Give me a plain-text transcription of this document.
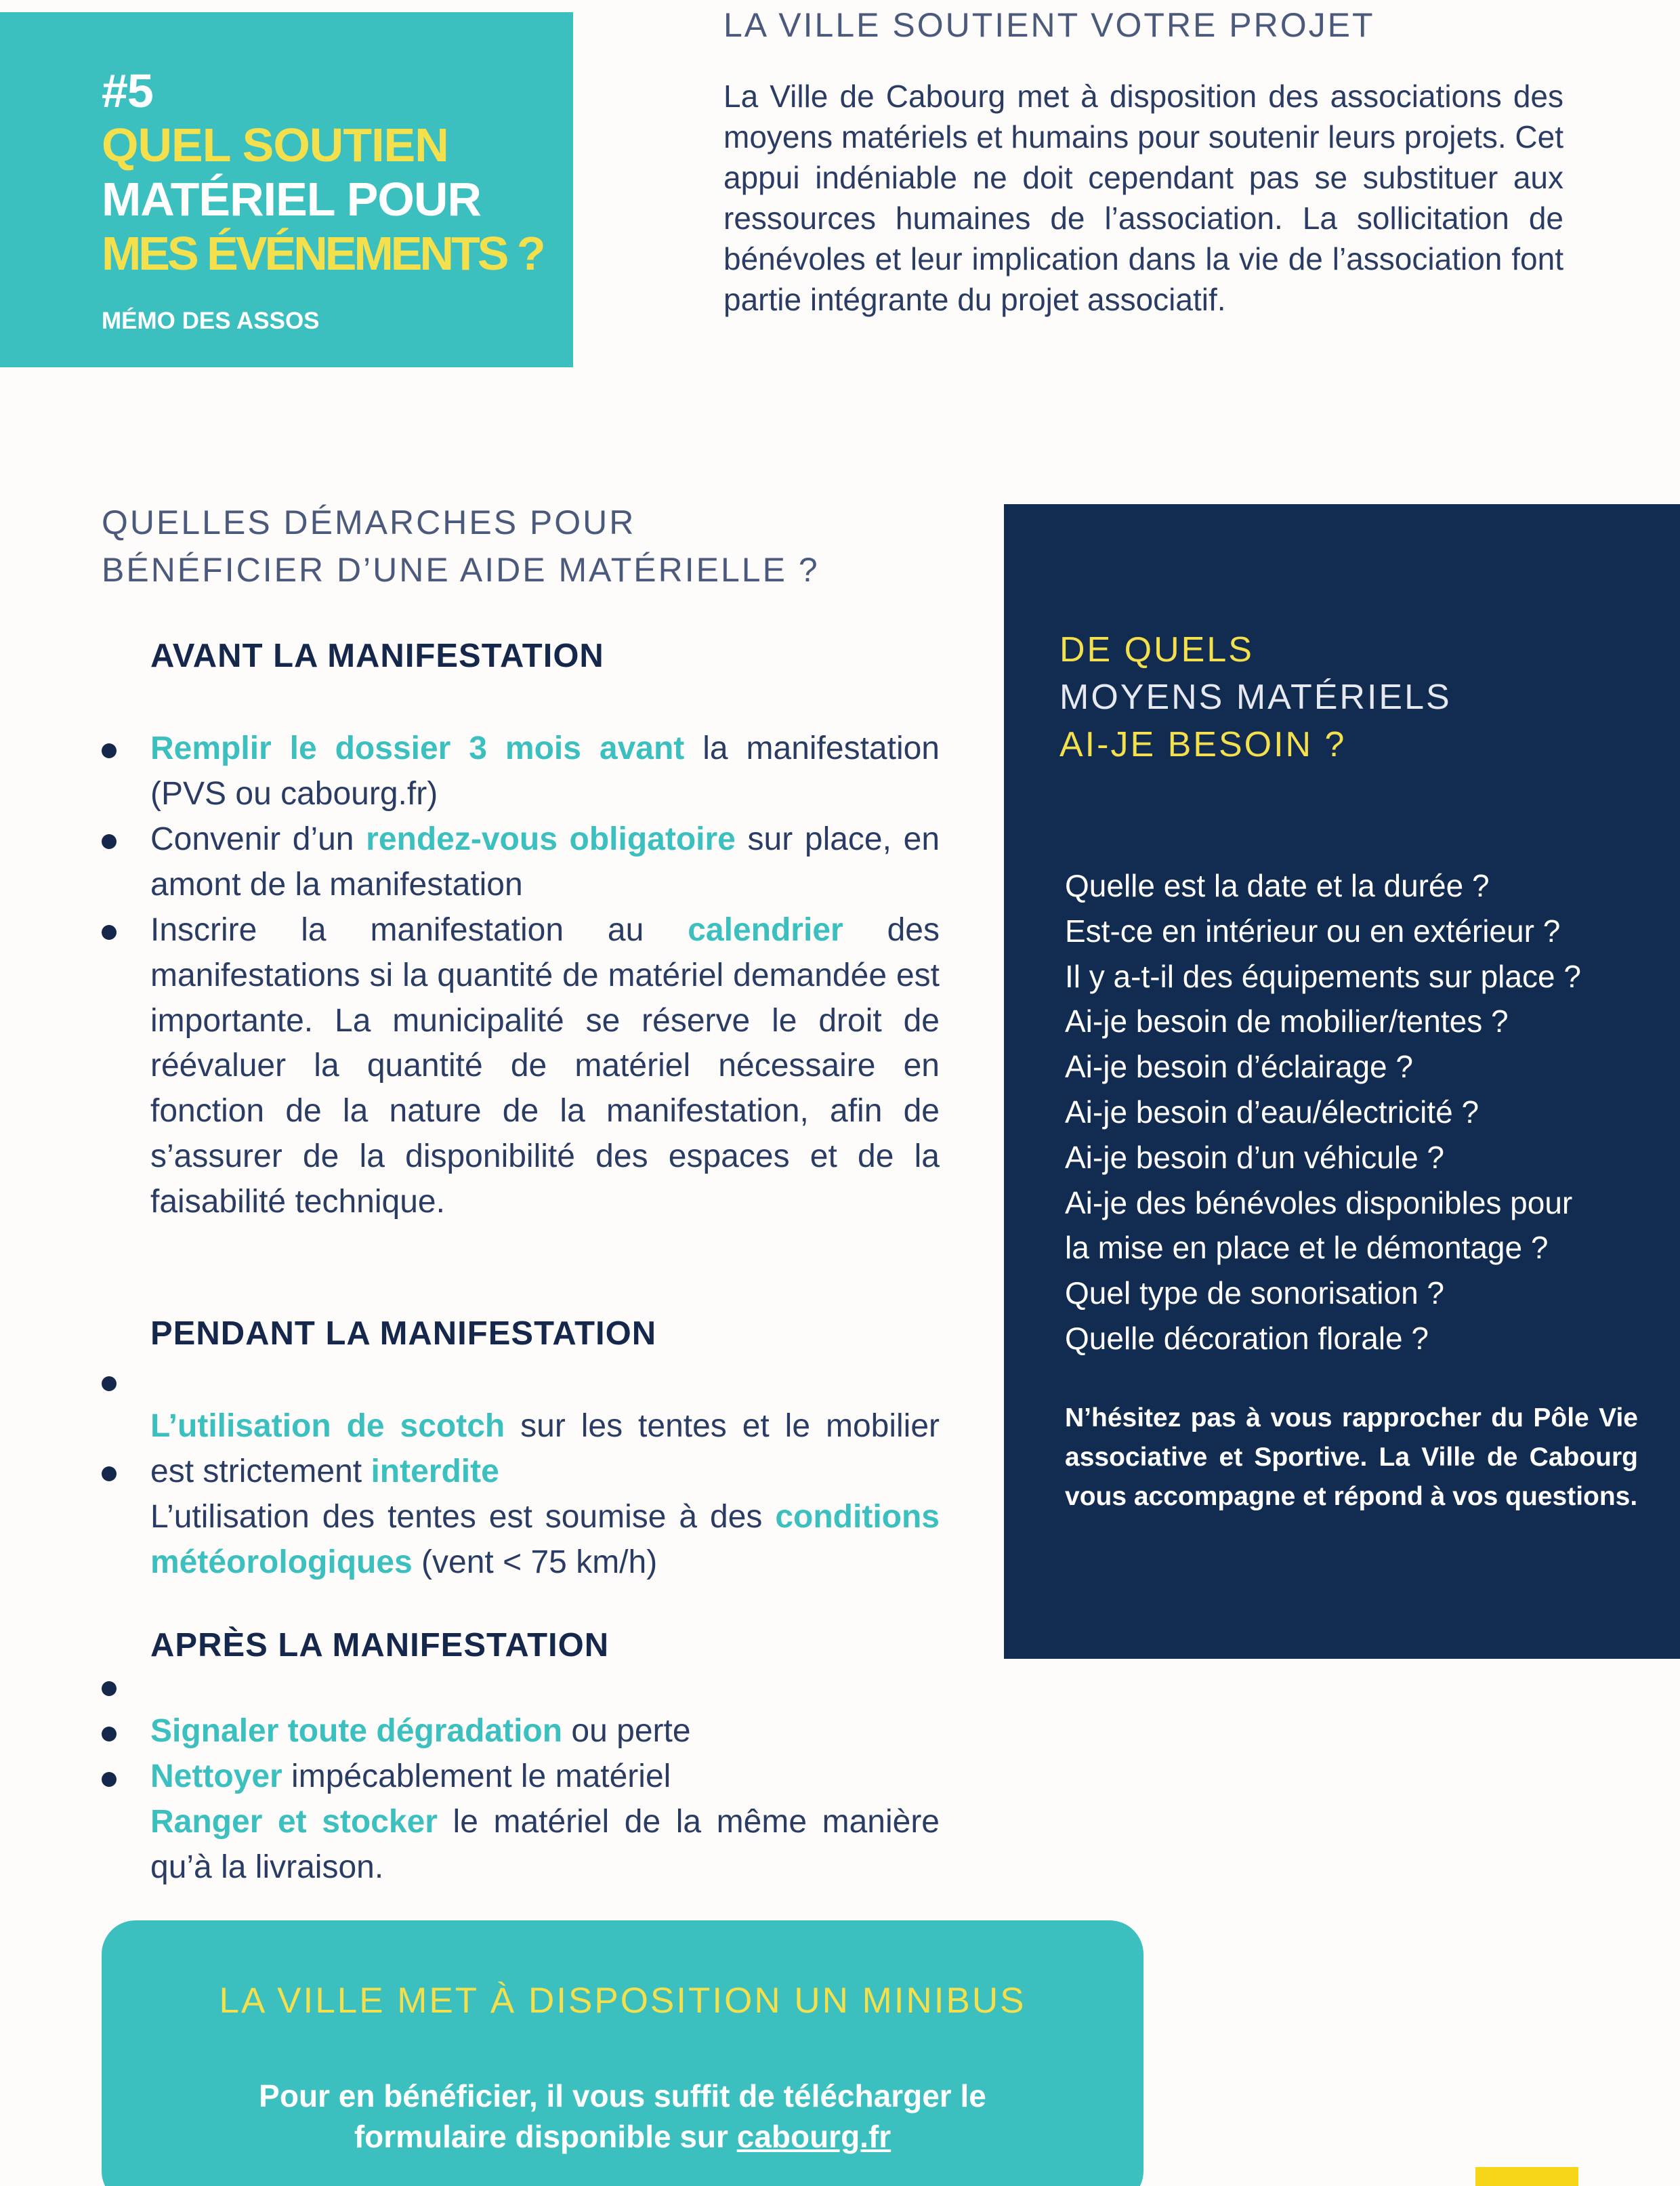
#5
QUEL SOUTIEN
MATÉRIEL POUR
MES ÉVÉNEMENTS ?
MÉMO DES ASSOS
LA VILLE SOUTIENT VOTRE PROJET
La Ville de Cabourg met à disposition des associations des moyens matériels et humains pour soutenir leurs projets. Cet appui indéniable ne doit cependant pas se substituer aux ressources humaines de l’association. La sollicitation de bénévoles et leur implication dans la vie de l’association font partie intégrante du projet associatif.
QUELLES DÉMARCHES POUR
BÉNÉFICIER D’UNE AIDE MATÉRIELLE ?
AVANT LA MANIFESTATION
Remplir le dossier 3 mois avant la manifestation (PVS ou cabourg.fr)
Convenir d’un rendez-vous obligatoire sur place, en amont de la manifestation
Inscrire la manifestation au calendrier des manifestations si la quantité de matériel demandée est importante. La municipalité se réserve le droit de réévaluer la quantité de matériel nécessaire en fonction de la nature de la manifestation, afin de s’assurer de la disponibilité des espaces et de la faisabilité technique.
PENDANT LA MANIFESTATION
L’utilisation de scotch sur les tentes et le mobilier est strictement interdite
L’utilisation des tentes est soumise à des conditions météorologiques (vent < 75 km/h)
APRÈS LA MANIFESTATION
Signaler toute dégradation ou perte
Nettoyer impécablement le matériel
Ranger et stocker le matériel de la même manière qu’à la livraison.
DE QUELS
MOYENS MATÉRIELS
AI-JE BESOIN ?
Quelle est la date et la durée ?
Est-ce en intérieur ou en extérieur ?
Il y a-t-il des équipements sur place ?
Ai-je besoin de mobilier/tentes ?
Ai-je besoin d’éclairage ?
Ai-je besoin d’eau/électricité ?
Ai-je besoin d’un véhicule ?
Ai-je des bénévoles disponibles pour
la mise en place et le démontage ?
Quel type de sonorisation ?
Quelle décoration florale ?
N’hésitez pas à vous rapprocher du Pôle Vie associative et Sportive. La Ville de Cabourg vous accompagne et répond à vos questions.
LA VILLE MET À DISPOSITION UN MINIBUS
Pour en bénéficier, il vous suffit de télécharger le
formulaire disponible sur cabourg.fr
